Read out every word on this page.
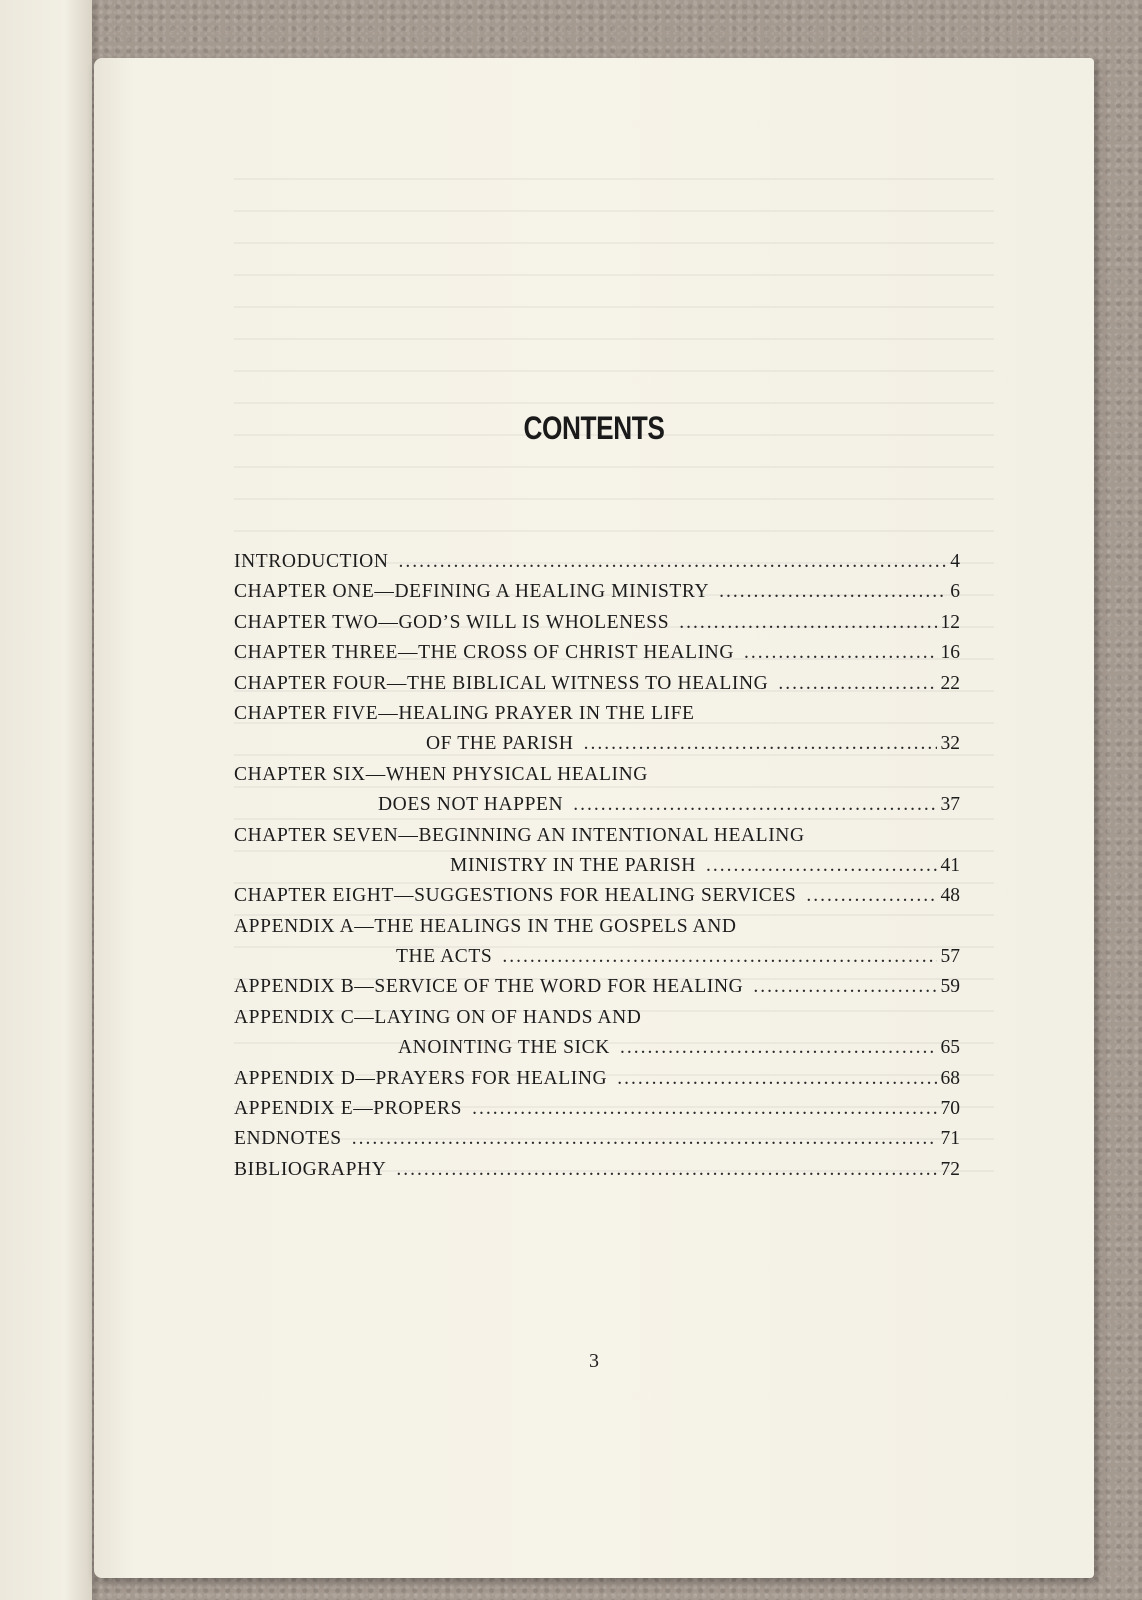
CONTENTS
INTRODUCTION .....	4
CHAPTER ONE—DEFINING A HEALING MINISTRY .....	6
CHAPTER TWO—GOD’S WILL IS WHOLENESS .....	12
CHAPTER THREE—THE CROSS OF CHRIST HEALING .....	16
CHAPTER FOUR—THE BIBLICAL WITNESS TO HEALING .....	22
CHAPTER FIVE—HEALING PRAYER IN THE LIFE
OF THE PARISH .....	32
CHAPTER SIX—WHEN PHYSICAL HEALING
DOES NOT HAPPEN .....	37
CHAPTER SEVEN—BEGINNING AN INTENTIONAL HEALING
MINISTRY IN THE PARISH .....	41
CHAPTER EIGHT—SUGGESTIONS FOR HEALING SERVICES .....	48
APPENDIX A—THE HEALINGS IN THE GOSPELS AND
THE ACTS .....	57
APPENDIX B—SERVICE OF THE WORD FOR HEALING .....	59
APPENDIX C—LAYING ON OF HANDS AND
ANOINTING THE SICK .....	65
APPENDIX D—PRAYERS FOR HEALING .....	68
APPENDIX E—PROPERS .....	70
ENDNOTES .....	71
BIBLIOGRAPHY .....	72
3
